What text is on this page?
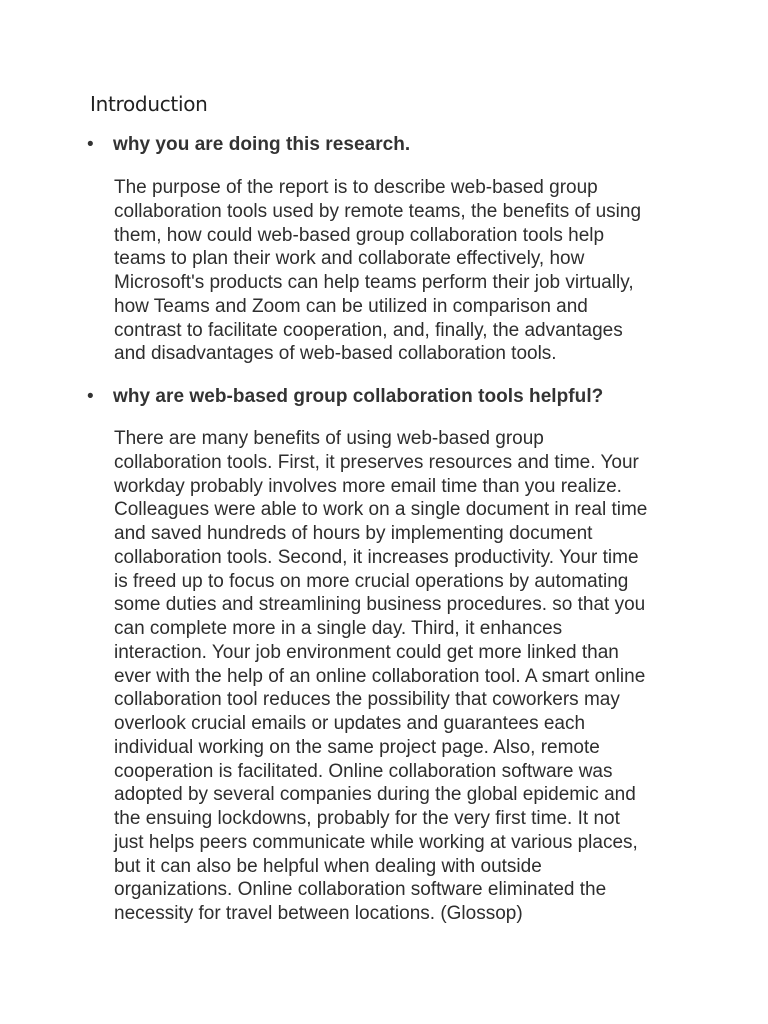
Introduction
•	why you are doing this research.
The purpose of the report is to describe web-based group
collaboration tools used by remote teams, the benefits of using
them, how could web-based group collaboration tools help
teams to plan their work and collaborate effectively, how
Microsoft's products can help teams perform their job virtually,
how Teams and Zoom can be utilized in comparison and
contrast to facilitate cooperation, and, finally, the advantages
and disadvantages of web-based collaboration tools.
•	why are web-based group collaboration tools helpful?
There are many benefits of using web-based group
collaboration tools. First, it preserves resources and time. Your
workday probably involves more email time than you realize.
Colleagues were able to work on a single document in real time
and saved hundreds of hours by implementing document
collaboration tools. Second, it increases productivity. Your time
is freed up to focus on more crucial operations by automating
some duties and streamlining business procedures. so that you
can complete more in a single day. Third, it enhances
interaction. Your job environment could get more linked than
ever with the help of an online collaboration tool. A smart online
collaboration tool reduces the possibility that coworkers may
overlook crucial emails or updates and guarantees each
individual working on the same project page. Also, remote
cooperation is facilitated. Online collaboration software was
adopted by several companies during the global epidemic and
the ensuing lockdowns, probably for the very first time. It not
just helps peers communicate while working at various places,
but it can also be helpful when dealing with outside
organizations. Online collaboration software eliminated the
necessity for travel between locations. (Glossop)
